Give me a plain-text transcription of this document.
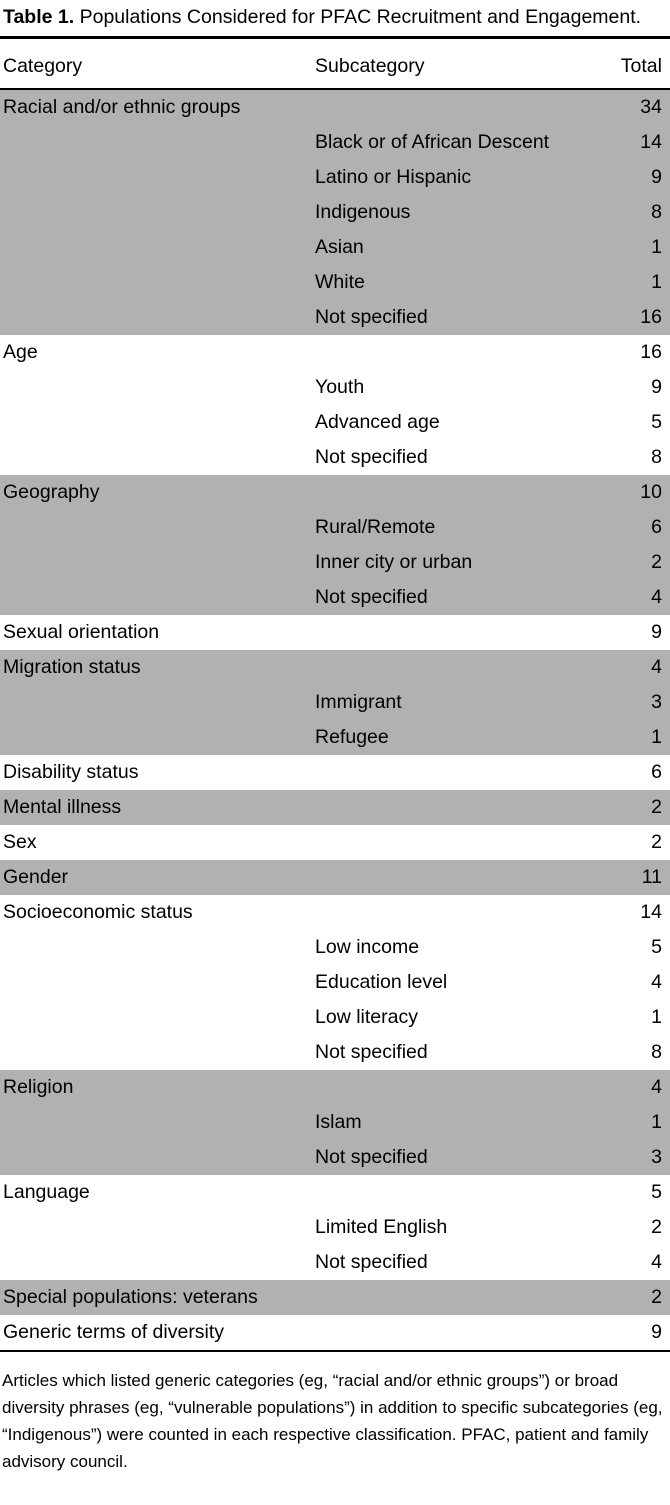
Table 1. Populations Considered for PFAC Recruitment and Engagement.
Category	Subcategory	Total
Racial and/or ethnic groups		34
	Black or of African Descent	14
	Latino or Hispanic	9
	Indigenous	8
	Asian	1
	White	1
	Not specified	16
Age		16
	Youth	9
	Advanced age	5
	Not specified	8
Geography		10
	Rural/Remote	6
	Inner city or urban	2
	Not specified	4
Sexual orientation		9
Migration status		4
	Immigrant	3
	Refugee	1
Disability status		6
Mental illness		2
Sex		2
Gender		11
Socioeconomic status		14
	Low income	5
	Education level	4
	Low literacy	1
	Not specified	8
Religion		4
	Islam	1
	Not specified	3
Language		5
	Limited English	2
	Not specified	4
Special populations: veterans		2
Generic terms of diversity		9
Articles which listed generic categories (eg, “racial and/or ethnic groups”) or broad diversity phrases (eg, “vulnerable populations”) in addition to specific subcategories (eg, “Indigenous”) were counted in each respective classification. PFAC, patient and family advisory council.
